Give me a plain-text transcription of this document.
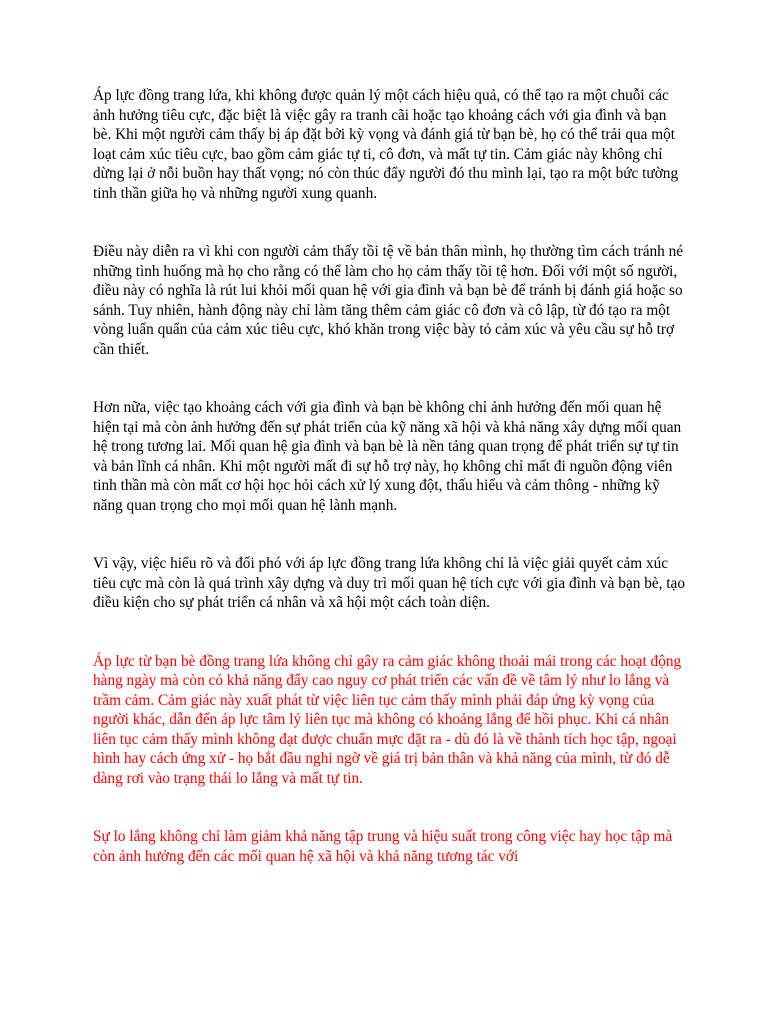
Áp lực đồng trang lứa, khi không được quản lý một cách hiệu quả, có thể tạo ra một chuỗi các ảnh hưởng tiêu cực, đặc biệt là việc gây ra tranh cãi hoặc tạo khoảng cách với gia đình và bạn bè. Khi một người cảm thấy bị áp đặt bởi kỳ vọng và đánh giá từ bạn bè, họ có thể trải qua một loạt cảm xúc tiêu cực, bao gồm cảm giác tự ti, cô đơn, và mất tự tin. Cảm giác này không chỉ dừng lại ở nỗi buồn hay thất vọng; nó còn thúc đẩy người đó thu mình lại, tạo ra một bức tường tinh thần giữa họ và những người xung quanh.

Điều này diễn ra vì khi con người cảm thấy tồi tệ về bản thân mình, họ thường tìm cách tránh né những tình huống mà họ cho rằng có thể làm cho họ cảm thấy tồi tệ hơn. Đối với một số người, điều này có nghĩa là rút lui khỏi mối quan hệ với gia đình và bạn bè để tránh bị đánh giá hoặc so sánh. Tuy nhiên, hành động này chỉ làm tăng thêm cảm giác cô đơn và cô lập, từ đó tạo ra một vòng luẩn quẩn của cảm xúc tiêu cực, khó khăn trong việc bày tỏ cảm xúc và yêu cầu sự hỗ trợ cần thiết.

Hơn nữa, việc tạo khoảng cách với gia đình và bạn bè không chỉ ảnh hưởng đến mối quan hệ hiện tại mà còn ảnh hưởng đến sự phát triển của kỹ năng xã hội và khả năng xây dựng mối quan hệ trong tương lai. Mối quan hệ gia đình và bạn bè là nền tảng quan trọng để phát triển sự tự tin và bản lĩnh cá nhân. Khi một người mất đi sự hỗ trợ này, họ không chỉ mất đi nguồn động viên tinh thần mà còn mất cơ hội học hỏi cách xử lý xung đột, thấu hiểu và cảm thông - những kỹ năng quan trọng cho mọi mối quan hệ lành mạnh.

Vì vậy, việc hiểu rõ và đối phó với áp lực đồng trang lứa không chỉ là việc giải quyết cảm xúc tiêu cực mà còn là quá trình xây dựng và duy trì mối quan hệ tích cực với gia đình và bạn bè, tạo điều kiện cho sự phát triển cá nhân và xã hội một cách toàn diện.

Áp lực từ bạn bè đồng trang lứa không chỉ gây ra cảm giác không thoải mái trong các hoạt động hàng ngày mà còn có khả năng đẩy cao nguy cơ phát triển các vấn đề về tâm lý như lo lắng và trầm cảm. Cảm giác này xuất phát từ việc liên tục cảm thấy mình phải đáp ứng kỳ vọng của người khác, dẫn đến áp lực tâm lý liên tục mà không có khoảng lắng để hồi phục. Khi cá nhân liên tục cảm thấy mình không đạt được chuẩn mực đặt ra - dù đó là về thành tích học tập, ngoại hình hay cách ứng xử - họ bắt đầu nghi ngờ về giá trị bản thân và khả năng của mình, từ đó dễ dàng rơi vào trạng thái lo lắng và mất tự tin.

Sự lo lắng không chỉ làm giảm khả năng tập trung và hiệu suất trong công việc hay học tập mà còn ảnh hưởng đến các mối quan hệ xã hội và khả năng tương tác với
